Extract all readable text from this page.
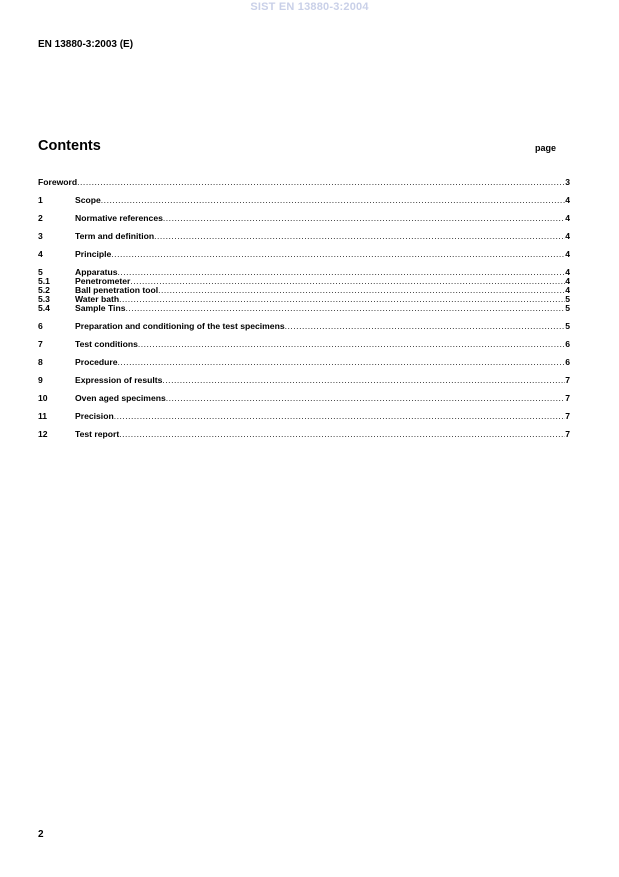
SIST EN 13880-3:2004
EN 13880-3:2003 (E)
Contents	page
Foreword .....	3
1	Scope .....	4
2	Normative references .....	4
3	Term and definition .....	4
4	Principle .....	4
5	Apparatus .....	4
5.1	Penetrometer .....	4
5.2	Ball penetration tool .....	4
5.3	Water bath .....	5
5.4	Sample Tins .....	5
6	Preparation and conditioning of the test specimens .....	5
7	Test conditions .....	6
8	Procedure .....	6
9	Expression of results .....	7
10	Oven aged specimens .....	7
11	Precision .....	7
12	Test report .....	7
2
